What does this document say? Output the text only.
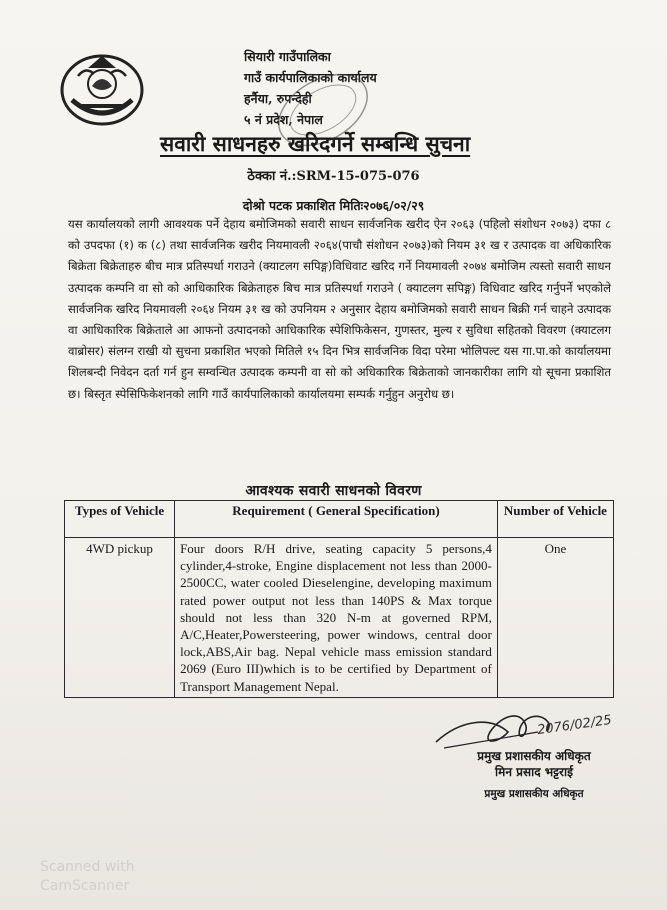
सियारी गाउँपालिका
गाउँ कार्यपालिकाको कार्यालय
हर्नैया, रुपन्देही
५ नं प्रदेश, नेपाल
सवारी साधनहरु खरिदगर्ने सम्बन्धि सुचना
ठेक्का नं.:SRM-15-075-076
दोश्रो पटक प्रकाशित मितिः२०७६/०२/२९
यस कार्यालयको लागी आवश्यक पर्ने देहाय बमोजिमको सवारी साधन सार्वजनिक खरीद ऐन २०६३ (पहिलो संशोधन २०७३) दफा ८ को उपदफा (१) क (८) तथा सार्वजनिक खरीद नियमावली २०६४(पाचौ संशोधन २०७३)को नियम ३१ ख र उत्पादक वा अधिकारिक बिक्रेता बिक्रेताहरु बीच मात्र प्रतिस्पर्धा गराउने (क्याटलग सपिङ्ग)विधिवाट खरिद गर्ने नियमावली २०७४ बमोजिम त्यस्तो सवारी साधन उत्पादक कम्पनि वा सो को आधिकारिक बिक्रेताहरु बिच मात्र प्रतिस्पर्धा गराउने ( क्याटलग सपिङ्ग) विधिवाट खरिद गर्नुपर्ने भएकोले सार्वजनिक खरिद नियमावली २०६४ नियम ३१ ख को उपनियम २ अनुसार देहाय बमोजिमको सवारी साधन बिक्री गर्न चाहने उत्पादक वा आधिकारिक बिक्रेताले आ आफनो उत्पादनको आधिकारिक स्पेशिफिकेसन, गुणस्तर, मुल्य र सुविधा सहितको विवरण (क्याटलग वाब्रोसर) संलग्न राखी यो सुचना प्रकाशित भएको मितिले १५ दिन भित्र सार्वजनिक विदा परेमा भोलिपल्ट यस गा.पा.को कार्यालयमा शिलबन्दी निवेदन दर्ता गर्न हुन सम्वन्धित उत्पादक कम्पनी वा सो को अधिकारिक बिक्रेताको जानकारीका लागि यो सूचना प्रकाशित छ। बिस्तृत स्पेसिफिकेशनको लागि गाउँ कार्यपालिकाको कार्यालयमा सम्पर्क गर्नुहुन अनुरोध छ।
आवश्यक सवारी साधनको विवरण
Types of Vehicle	Requirement ( General Specification)	Number of Vehicle
4WD pickup	Four doors R/H drive, seating capacity 5 persons,4 cylinder,4-stroke, Engine displacement not less than 2000-2500CC, water cooled Dieselengine, developing maximum rated power output not less than 140PS & Max torque should not less than 320 N-m at governed RPM, A/C,Heater,Powersteering, power windows, central door lock,ABS,Air bag. Nepal vehicle mass emission standard 2069 (Euro III)which is to be certified by Department of Transport Management Nepal.	One
2076/02/25
प्रमुख प्रशासकीय अधिकृत
मिन प्रसाद भट्टराई
प्रमुख प्रशासकीय अधिकृत
Scanned with
CamScanner
